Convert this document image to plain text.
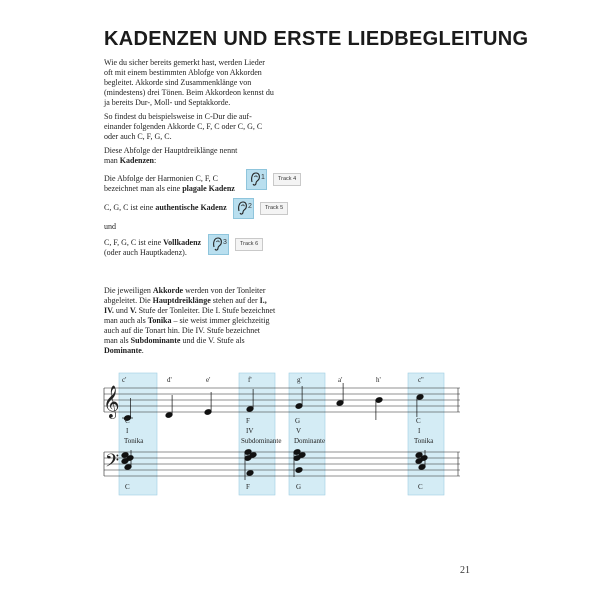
KADENZEN UND ERSTE LIEDBEGLEITUNG
Wie du sicher bereits gemerkt hast, werden Lieder
oft mit einem bestimmten Ablofge von Akkorden
begleitet. Akkorde sind Zusammenklänge von
(mindestens) drei Tönen. Beim Akkordeon kennst du
ja bereits Dur-, Moll- und Septakkorde.
So findest du beispielsweise in C-Dur die auf-
einander folgenden Akkorde C, F, C oder C, G, C
oder auch C, F, G, C.
Diese Abfolge der Hauptdreiklänge nennt
man Kadenzen:
Die Abfolge der Harmonien C, F, C
bezeichnet man als eine plagale Kadenz
C, G, C ist eine authentische Kadenz
und
C, F, G, C ist eine Vollkadenz
(oder auch Hauptkadenz).
1	Track 4
2	Track 5
3	Track 6
Die jeweiligen Akkorde werden von der Tonleiter
abgeleitet. Die Hauptdreiklänge stehen auf der I.,
IV. und V. Stufe der Tonleiter. Die I. Stufe bezeichnet
man auch als Tonika – sie weist immer gleichzeitig
auch auf die Tonart hin. Die IV. Stufe bezeichnet
man als Subdominante und die V. Stufe als
Dominante.
𝄞
𝄢
c'	d'	e'	f'	g'	a'	h'	c''
C
I
Tonika
F
IV
Subdominante
G
V
Dominante
C
I
Tonika
C	F	G	C
21
